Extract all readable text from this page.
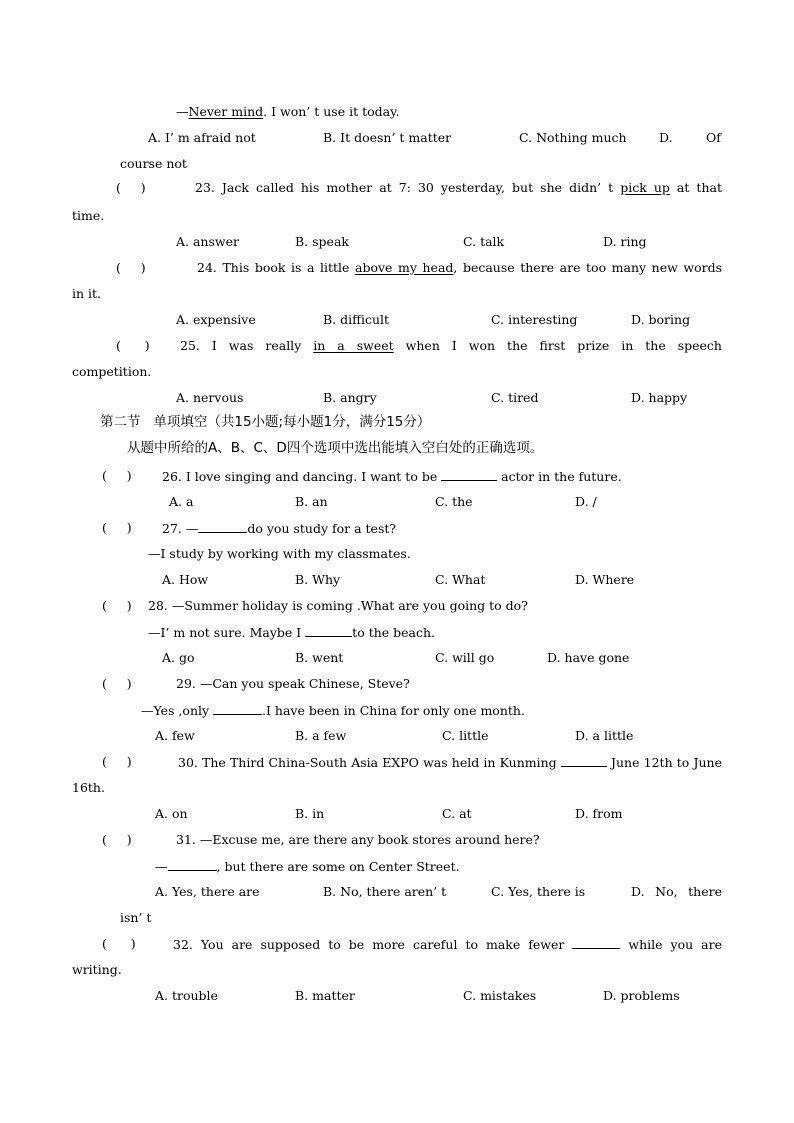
—Never mind. I won’ t use it today.
A. I’ m afraid not	B. It doesn’ t matter	C. Nothing much	D.	Of
course not
(     )	23. Jack called his mother at 7: 30 yesterday, but she didn’ t pick up at that
time.
A. answer	B. speak	C. talk	D. ring
(     )	24. This book is a little above my head, because there are too many new words
in it.
A. expensive	B. difficult	C. interesting	D. boring
(      ) 25. I was really in a sweet when I won the first prize in the speech
competition.
A. nervous	B. angry	C. tired	D. happy
第二节   单项填空（共15小题;每小题1分，满分15分）
从题中所给的A、B、C、D四个选项中选出能填入空白处的正确选项。
(     ) 26. I love singing and dancing. I want to be	actor in the future.
A. a	B. an	C. the	D. /
(     ) 27. —	do you study for a test?
—I study by working with my classmates.
A. How	B. Why	C. What	D. Where
(     ) 28. —Summer holiday is coming .What are you going to do?
—I’ m not sure. Maybe I	to the beach.
A. go	B. went	C. will go	D. have gone
(     )	29. —Can you speak Chinese, Steve?
—Yes ,only	.I have been in China for only one month.
A. few	B. a few	C. little	D. a little
(     )	30. The Third China-South Asia EXPO was held in Kunming	June 12th to June
16th.
A. on	B. in	C. at	D. from
(     )	31. —Excuse me, are there any book stores around here?
—	, but there are some on Center Street.
A. Yes, there are	B. No, there aren’ t	C. Yes, there is	D. No, there
isn’ t
(      )	32. You are supposed to be more careful to make fewer	while you are
writing.
A. trouble	B. matter	C. mistakes	D. problems
